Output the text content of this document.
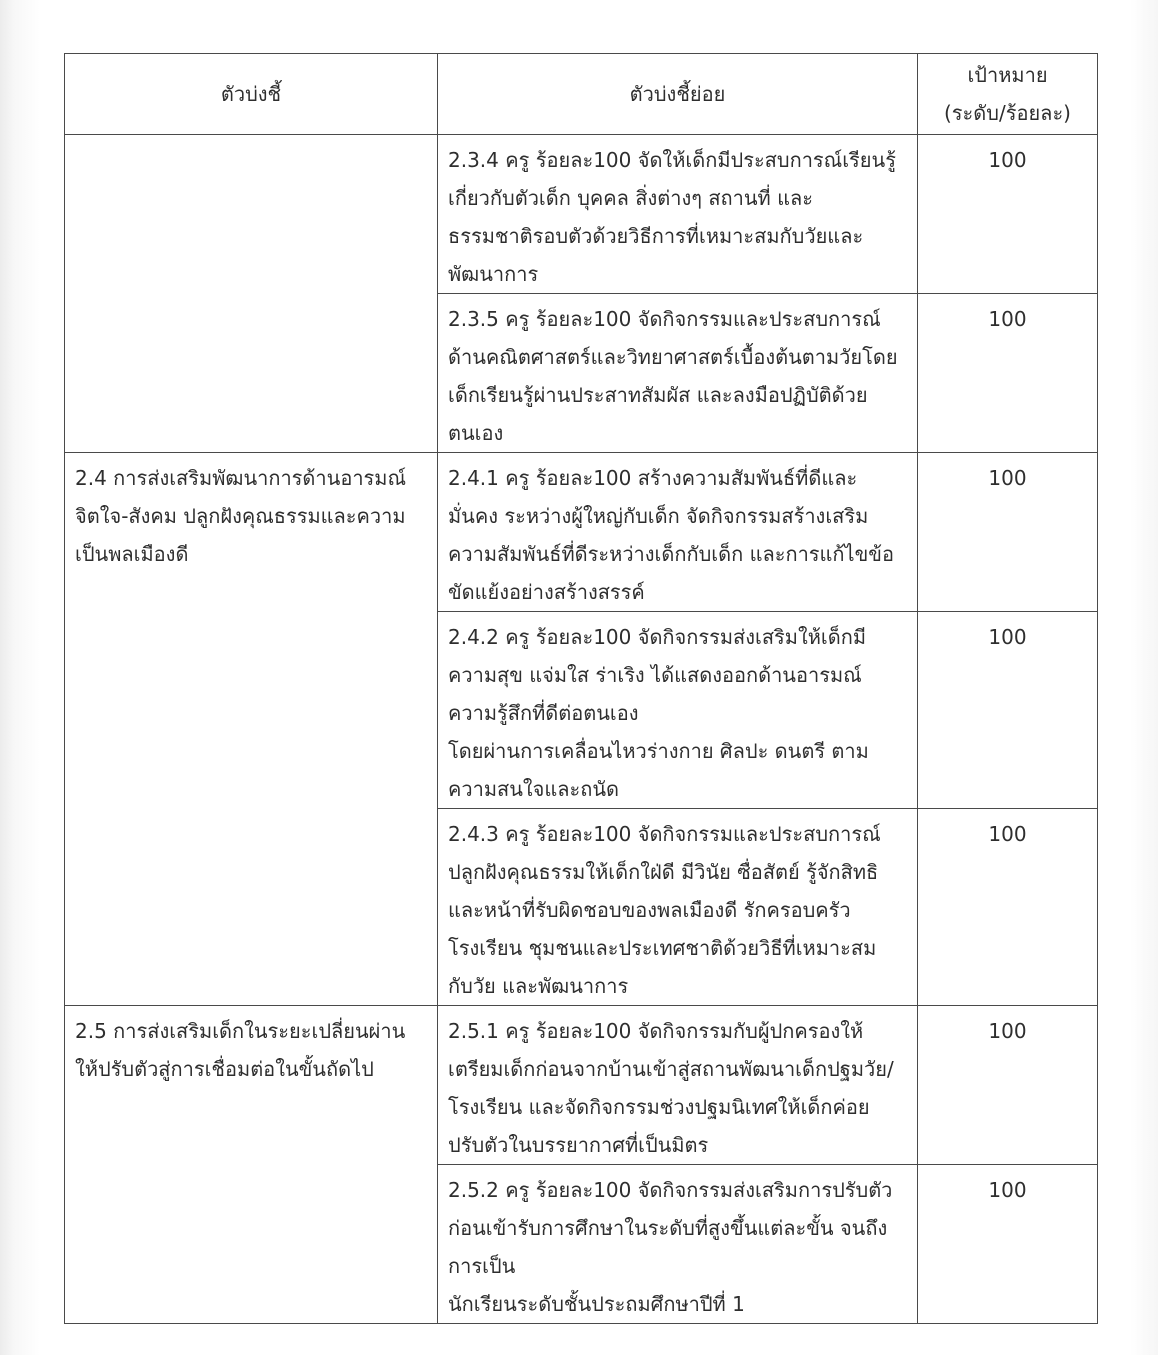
ตัวบ่งชี้	ตัวบ่งชี้ย่อย	เป้าหมาย
(ระดับ/ร้อยละ)

	2.3.4 ครู ร้อยละ100 จัดให้เด็กมีประสบการณ์เรียนรู้
เกี่ยวกับตัวเด็ก บุคคล สิ่งต่างๆ สถานที่ และ
ธรรมชาติรอบตัวด้วยวิธีการที่เหมาะสมกับวัยและ
พัฒนาการ	100

	2.3.5 ครู ร้อยละ100 จัดกิจกรรมและประสบการณ์
ด้านคณิตศาสตร์และวิทยาศาสตร์เบื้องต้นตามวัยโดย
เด็กเรียนรู้ผ่านประสาทสัมผัส และลงมือปฏิบัติด้วย
ตนเอง	100

2.4 การส่งเสริมพัฒนาการด้านอารมณ์
จิตใจ-สังคม ปลูกฝังคุณธรรมและความ
เป็นพลเมืองดี	2.4.1 ครู ร้อยละ100 สร้างความสัมพันธ์ที่ดีและ
มั่นคง ระหว่างผู้ใหญ่กับเด็ก จัดกิจกรรมสร้างเสริม
ความสัมพันธ์ที่ดีระหว่างเด็กกับเด็ก และการแก้ไขข้อ
ขัดแย้งอย่างสร้างสรรค์	100

	2.4.2 ครู ร้อยละ100 จัดกิจกรรมส่งเสริมให้เด็กมี
ความสุข แจ่มใส ร่าเริง ได้แสดงออกด้านอารมณ์
ความรู้สึกที่ดีต่อตนเอง
โดยผ่านการเคลื่อนไหวร่างกาย ศิลปะ ดนตรี ตาม
ความสนใจและถนัด	100

	2.4.3 ครู ร้อยละ100 จัดกิจกรรมและประสบการณ์
ปลูกฝังคุณธรรมให้เด็กใฝ่ดี มีวินัย ซื่อสัตย์ รู้จักสิทธิ
และหน้าที่รับผิดชอบของพลเมืองดี รักครอบครัว
โรงเรียน ชุมชนและประเทศชาติด้วยวิธีที่เหมาะสม
กับวัย และพัฒนาการ	100

2.5 การส่งเสริมเด็กในระยะเปลี่ยนผ่าน
ให้ปรับตัวสู่การเชื่อมต่อในขั้นถัดไป	2.5.1 ครู ร้อยละ100 จัดกิจกรรมกับผู้ปกครองให้
เตรียมเด็กก่อนจากบ้านเข้าสู่สถานพัฒนาเด็กปฐมวัย/
โรงเรียน และจัดกิจกรรมช่วงปฐมนิเทศให้เด็กค่อย
ปรับตัวในบรรยากาศที่เป็นมิตร	100

	2.5.2 ครู ร้อยละ100 จัดกิจกรรมส่งเสริมการปรับตัว
ก่อนเข้ารับการศึกษาในระดับที่สูงขึ้นแต่ละขั้น จนถึง
การเป็น
นักเรียนระดับชั้นประถมศึกษาปีที่ 1	100
